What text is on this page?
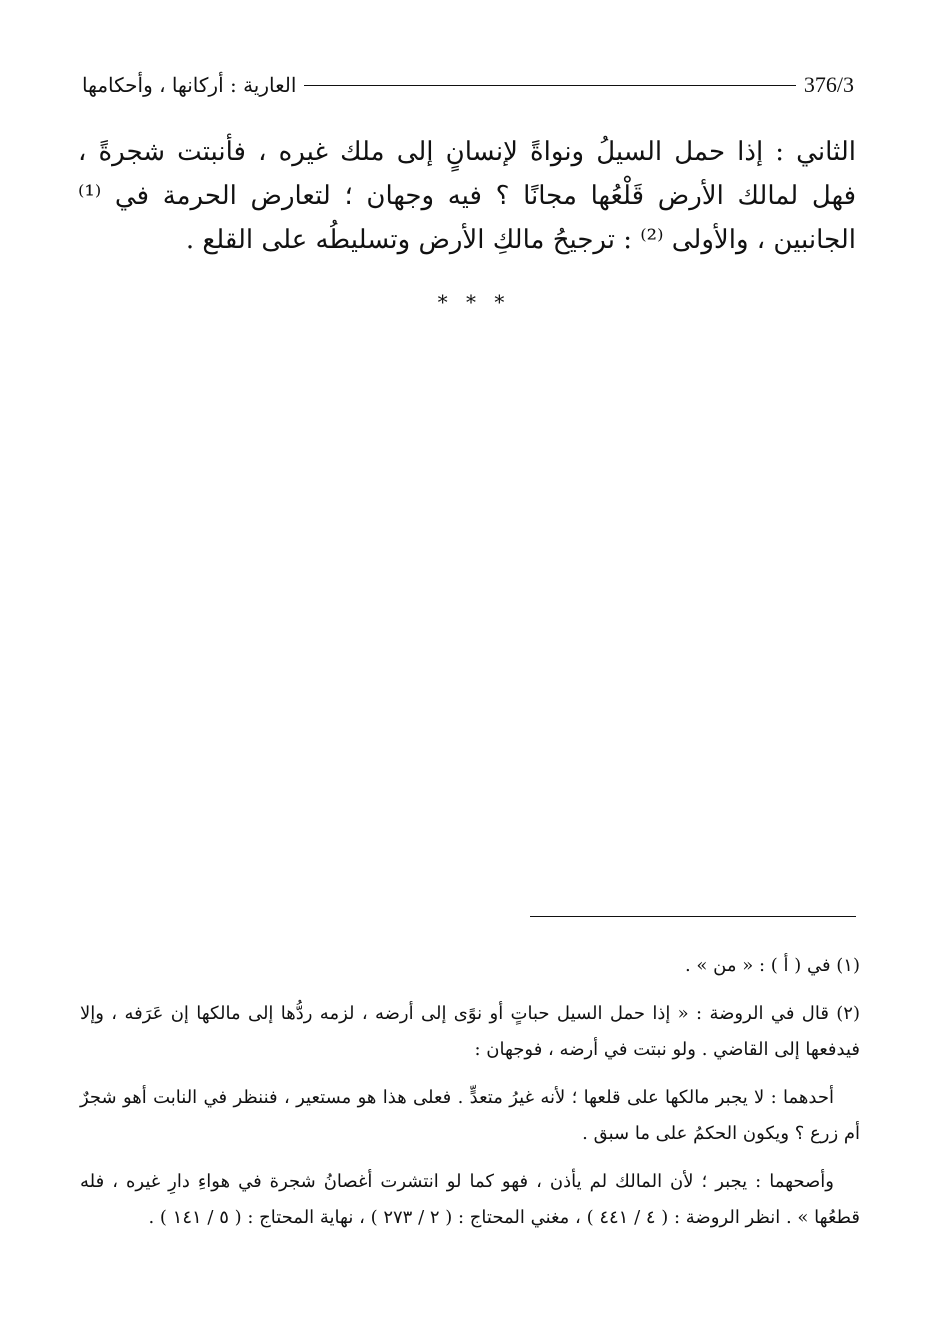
العارية : أركانها ، وأحكامها	376/3
الثاني : إذا حمل السيلُ ونواةً لإنسانٍ إلى ملك غيره ، فأنبتت شجرةً ، فهل لمالك الأرض قَلْعُها مجانًا ؟ فيه وجهان ؛ لتعارض الحرمة في ⁽¹⁾ الجانبين ، والأولى ⁽²⁾ : ترجيحُ مالكِ الأرض وتسليطُه على القلع .
* * *

(١) في ( أ ) : « من » .

(٢) قال في الروضة : « إذا حمل السيل حباتٍ أو نوًى إلى أرضه ، لزمه ردُّها إلى مالكها إن عَرَفه ، وإلا فيدفعها إلى القاضي . ولو نبتت في أرضه ، فوجهان :

أحدهما : لا يجبر مالكها على قلعها ؛ لأنه غيرُ متعدٍّ . فعلى هذا هو مستعير ، فننظر في النابت أهو شجرٌ أم زرع ؟ ويكون الحكمُ على ما سبق .

وأصحهما : يجبر ؛ لأن المالك لم يأذن ، فهو كما لو انتشرت أغصانُ شجرة في هواءِ دارِ غيره ، فله قطعُها » . انظر الروضة : ( ٤ / ٤٤١ ) ، مغني المحتاج : ( ٢ / ٢٧٣ ) ، نهاية المحتاج : ( ٥ / ١٤١ ) .
